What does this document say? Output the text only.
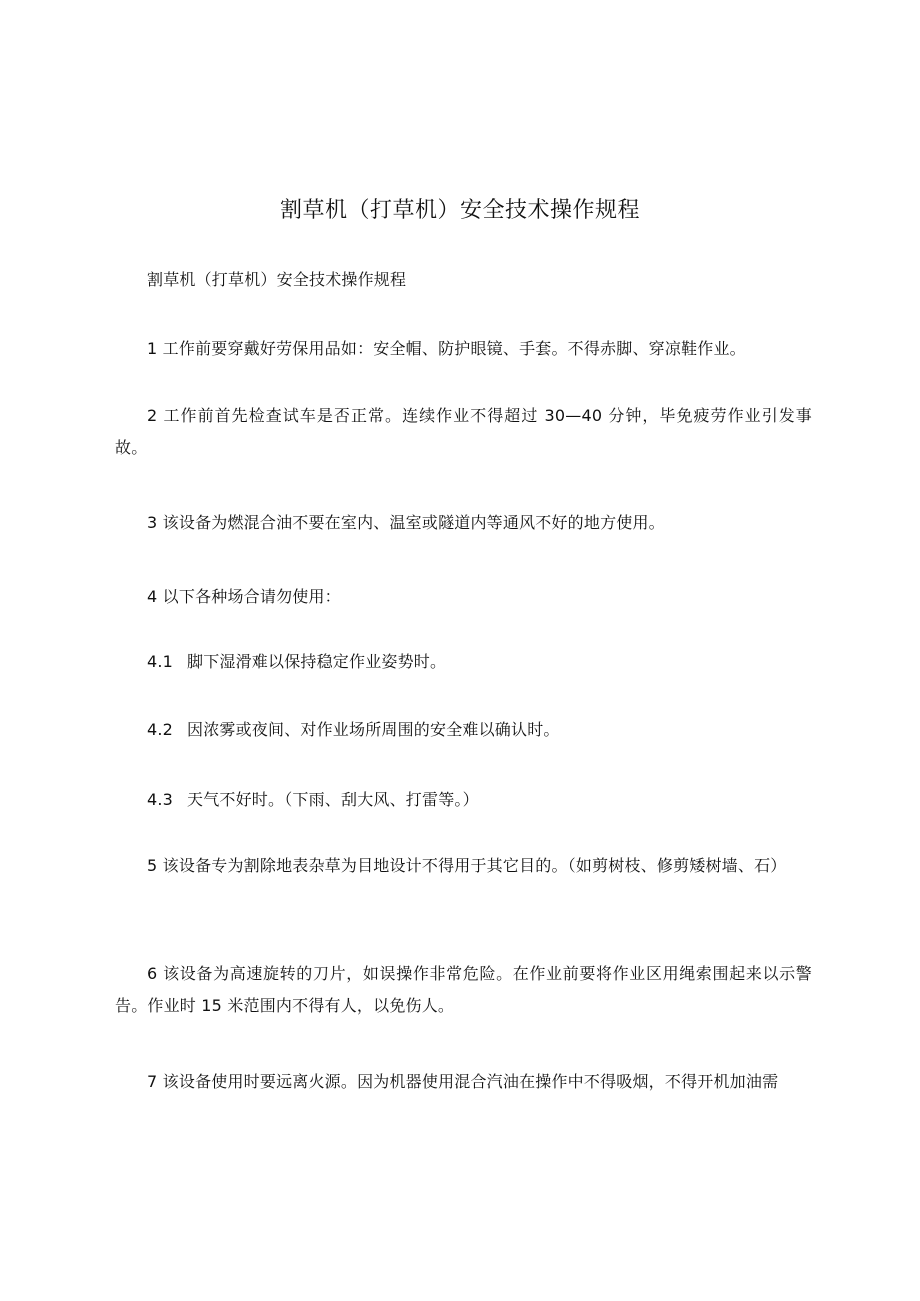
割草机（打草机）安全技术操作规程

割草机（打草机）安全技术操作规程

1 工作前要穿戴好劳保用品如：安全帽、防护眼镜、手套。不得赤脚、穿凉鞋作业。

2 工作前首先检查试车是否正常。连续作业不得超过 30—40 分钟，毕免疲劳作业引发事故。

3 该设备为燃混合油不要在室内、温室或隧道内等通风不好的地方使用。

4 以下各种场合请勿使用：

4.1 脚下湿滑难以保持稳定作业姿势时。

4.2 因浓雾或夜间、对作业场所周围的安全难以确认时。

4.3 天气不好时。（下雨、刮大风、打雷等。）

5 该设备专为割除地表杂草为目地设计不得用于其它目的。（如剪树枝、修剪矮树墙、石）

6 该设备为高速旋转的刀片，如误操作非常危险。在作业前要将作业区用绳索围起来以示警告。作业时 15 米范围内不得有人，以免伤人。

7 该设备使用时要远离火源。因为机器使用混合汽油在操作中不得吸烟，不得开机加油需
